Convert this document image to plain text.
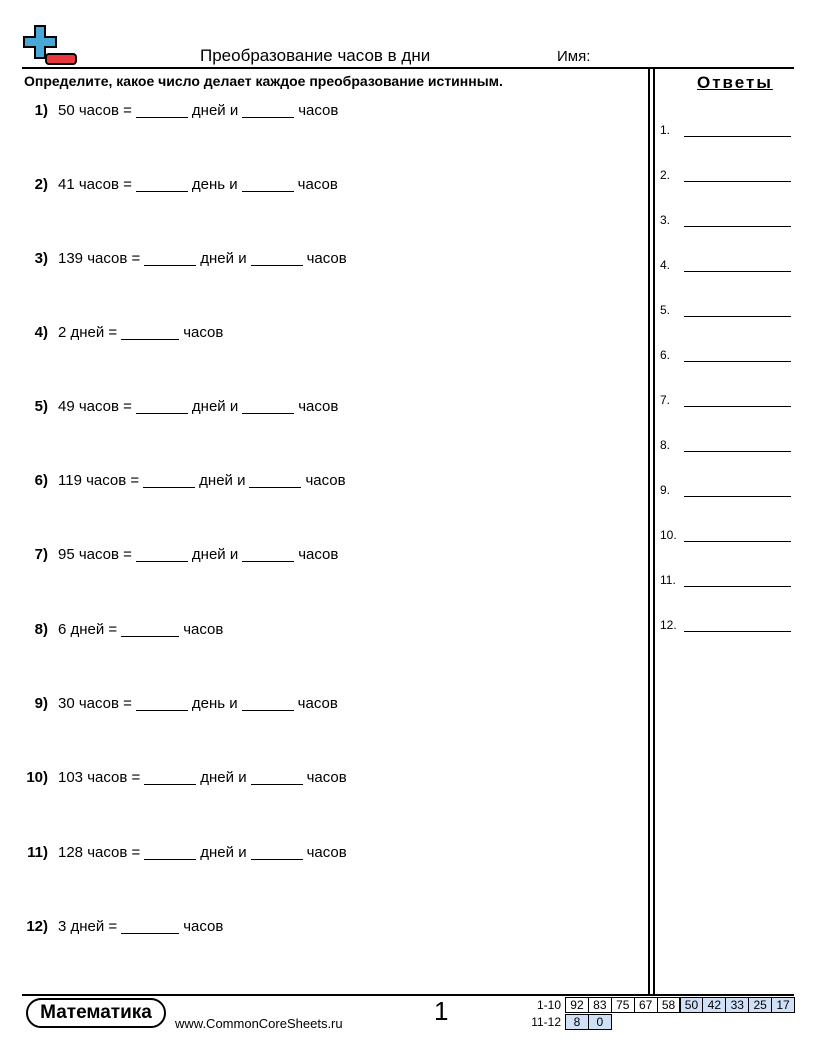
Преобразование часов в дни	Имя:
Определите, какое число делает каждое преобразование истинным.
1) 50 часов =	дней и	часов
2) 41 часов =	день и	часов
3) 139 часов =	дней и	часов
4) 2 дней =	часов
5) 49 часов =	дней и	часов
6) 119 часов =	дней и	часов
7) 95 часов =	дней и	часов
8) 6 дней =	часов
9) 30 часов =	день и	часов
10) 103 часов =	дней и	часов
11) 128 часов =	дней и	часов
12) 3 дней =	часов
Ответы
1.
2.
3.
4.
5.
6.
7.
8.
9.
10.
11.
12.
Математика
www.CommonCoreSheets.ru	1	1-10 92 83 75 67 58 50 42 33 25 17
11-12	8	0
